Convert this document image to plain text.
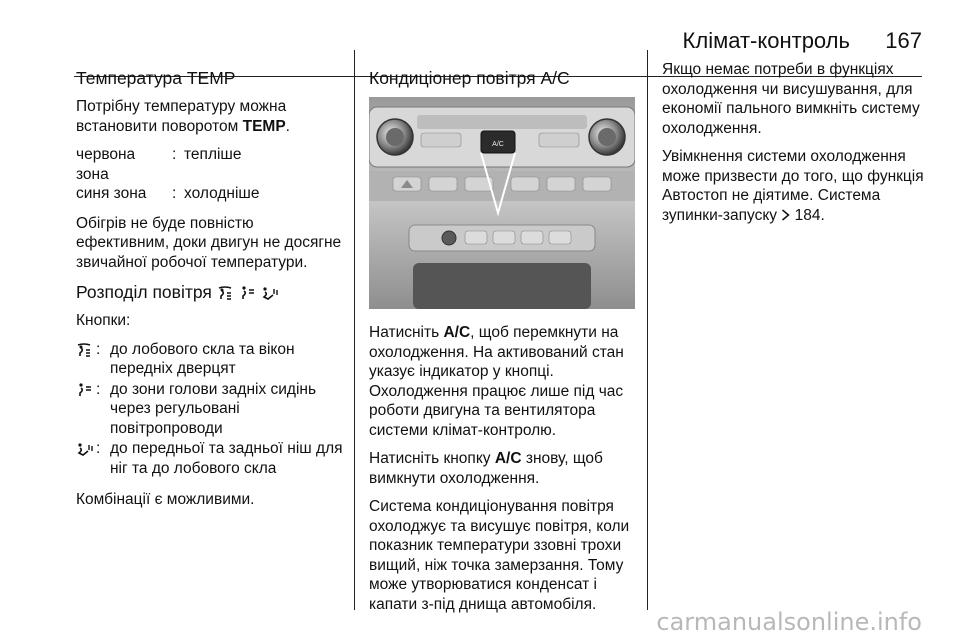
Клімат-контроль 167
Температура TEMP

Потрібну температуру можна встановити поворотом TEMP.

червона зона
: тепліше
синя зона	: холодніше

Обігрів не буде повністю ефективним, доки двигун не досягне звичайної робочої температури.

Розподіл повітря

Кнопки:

: до лобового скла та вікон передніх дверцят
: до зони голови задніх сидінь через регульовані повітропроводи
: до передньої та задньої ніш для ніг та до лобового скла

Комбінації є можливими.

Кондиціонер повітря A/C
A/C

Натисніть A/C, щоб перемкнути на охолодження. На активований стан указує індикатор у кнопці. Охолодження працює лише під час роботи двигуна та вентилятора системи клімат-контролю.

Натисніть кнопку A/C знову, щоб вимкнути охолодження.

Система кондиціонування повітря охолоджує та висушує повітря, коли показник температури ззовні трохи вищий, ніж точка замерзання. Тому може утворюватися конденсат і капати з-під днища автомобіля.

Якщо немає потреби в функціях охолодження чи висушування, для економії пального вимкніть систему охолодження.

Увімкнення системи охолодження може призвести до того, що функція Автостоп не діятиме. Система зупинки-запуску 184.

carmanualsonline.info
